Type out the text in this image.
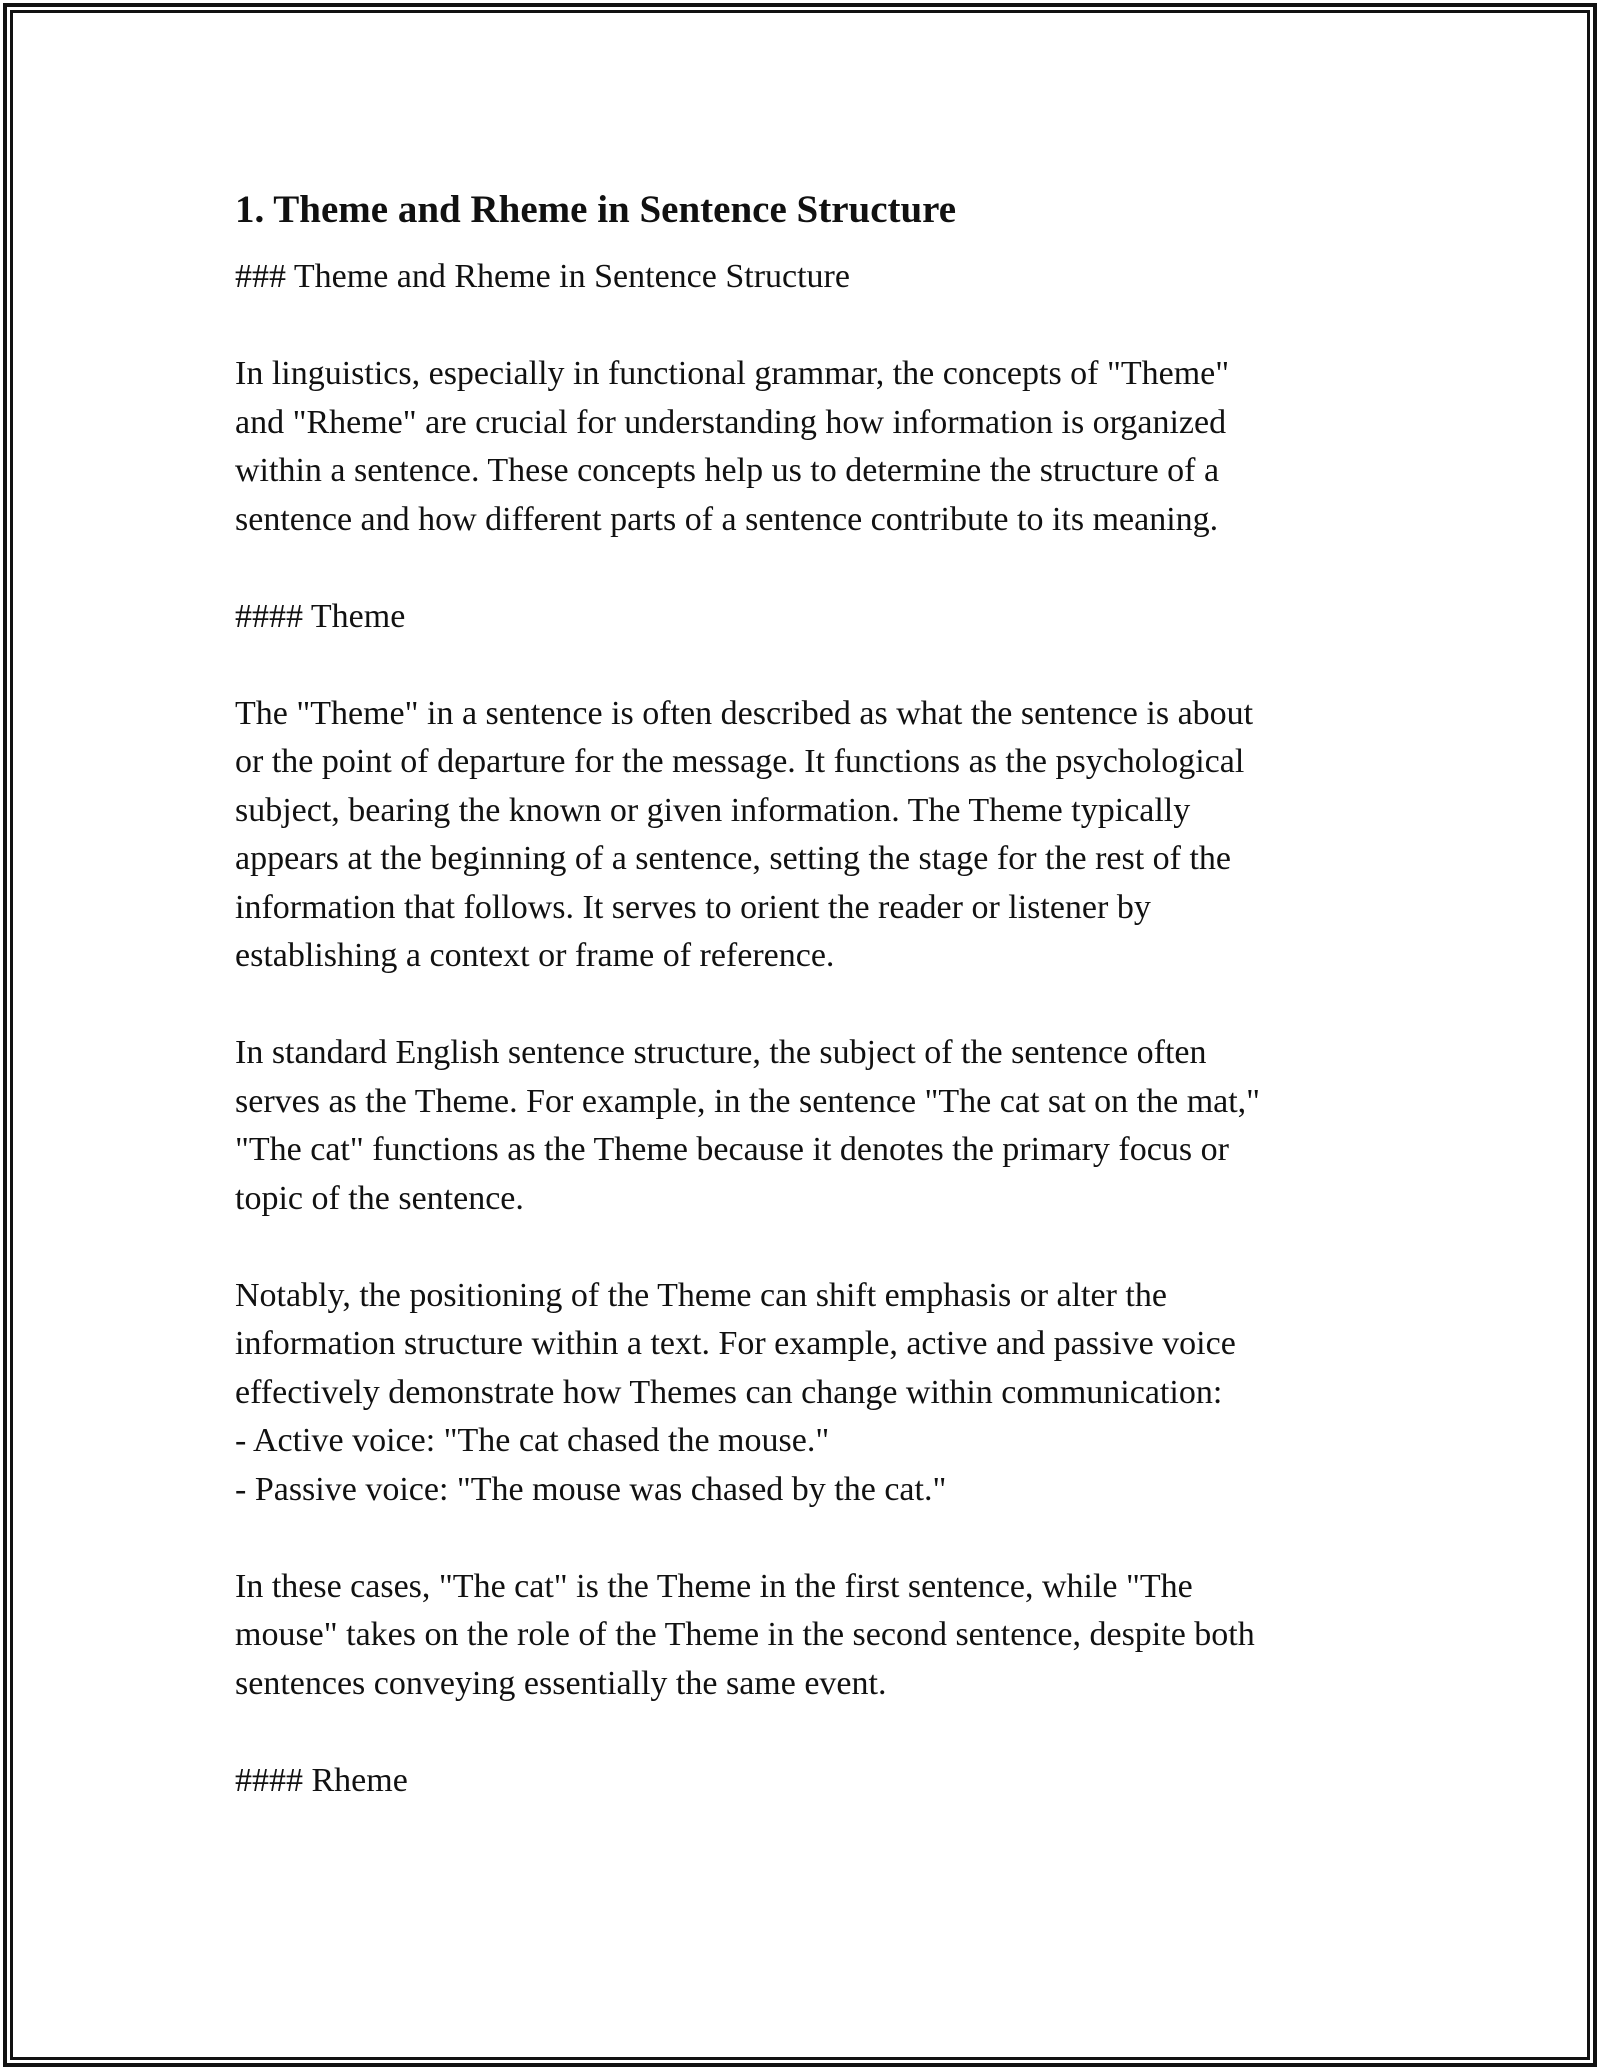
1. Theme and Rheme in Sentence Structure

### Theme and Rheme in Sentence Structure

In linguistics, especially in functional grammar, the concepts of "Theme"

and "Rheme" are crucial for understanding how information is organized

within a sentence. These concepts help us to determine the structure of a

sentence and how different parts of a sentence contribute to its meaning.

#### Theme

The "Theme" in a sentence is often described as what the sentence is about

or the point of departure for the message. It functions as the psychological

subject, bearing the known or given information. The Theme typically

appears at the beginning of a sentence, setting the stage for the rest of the

information that follows. It serves to orient the reader or listener by

establishing a context or frame of reference.

In standard English sentence structure, the subject of the sentence often

serves as the Theme. For example, in the sentence "The cat sat on the mat,"

"The cat" functions as the Theme because it denotes the primary focus or

topic of the sentence.

Notably, the positioning of the Theme can shift emphasis or alter the

information structure within a text. For example, active and passive voice

effectively demonstrate how Themes can change within communication:

- Active voice: "The cat chased the mouse."

- Passive voice: "The mouse was chased by the cat."

In these cases, "The cat" is the Theme in the first sentence, while "The

mouse" takes on the role of the Theme in the second sentence, despite both

sentences conveying essentially the same event.

#### Rheme
